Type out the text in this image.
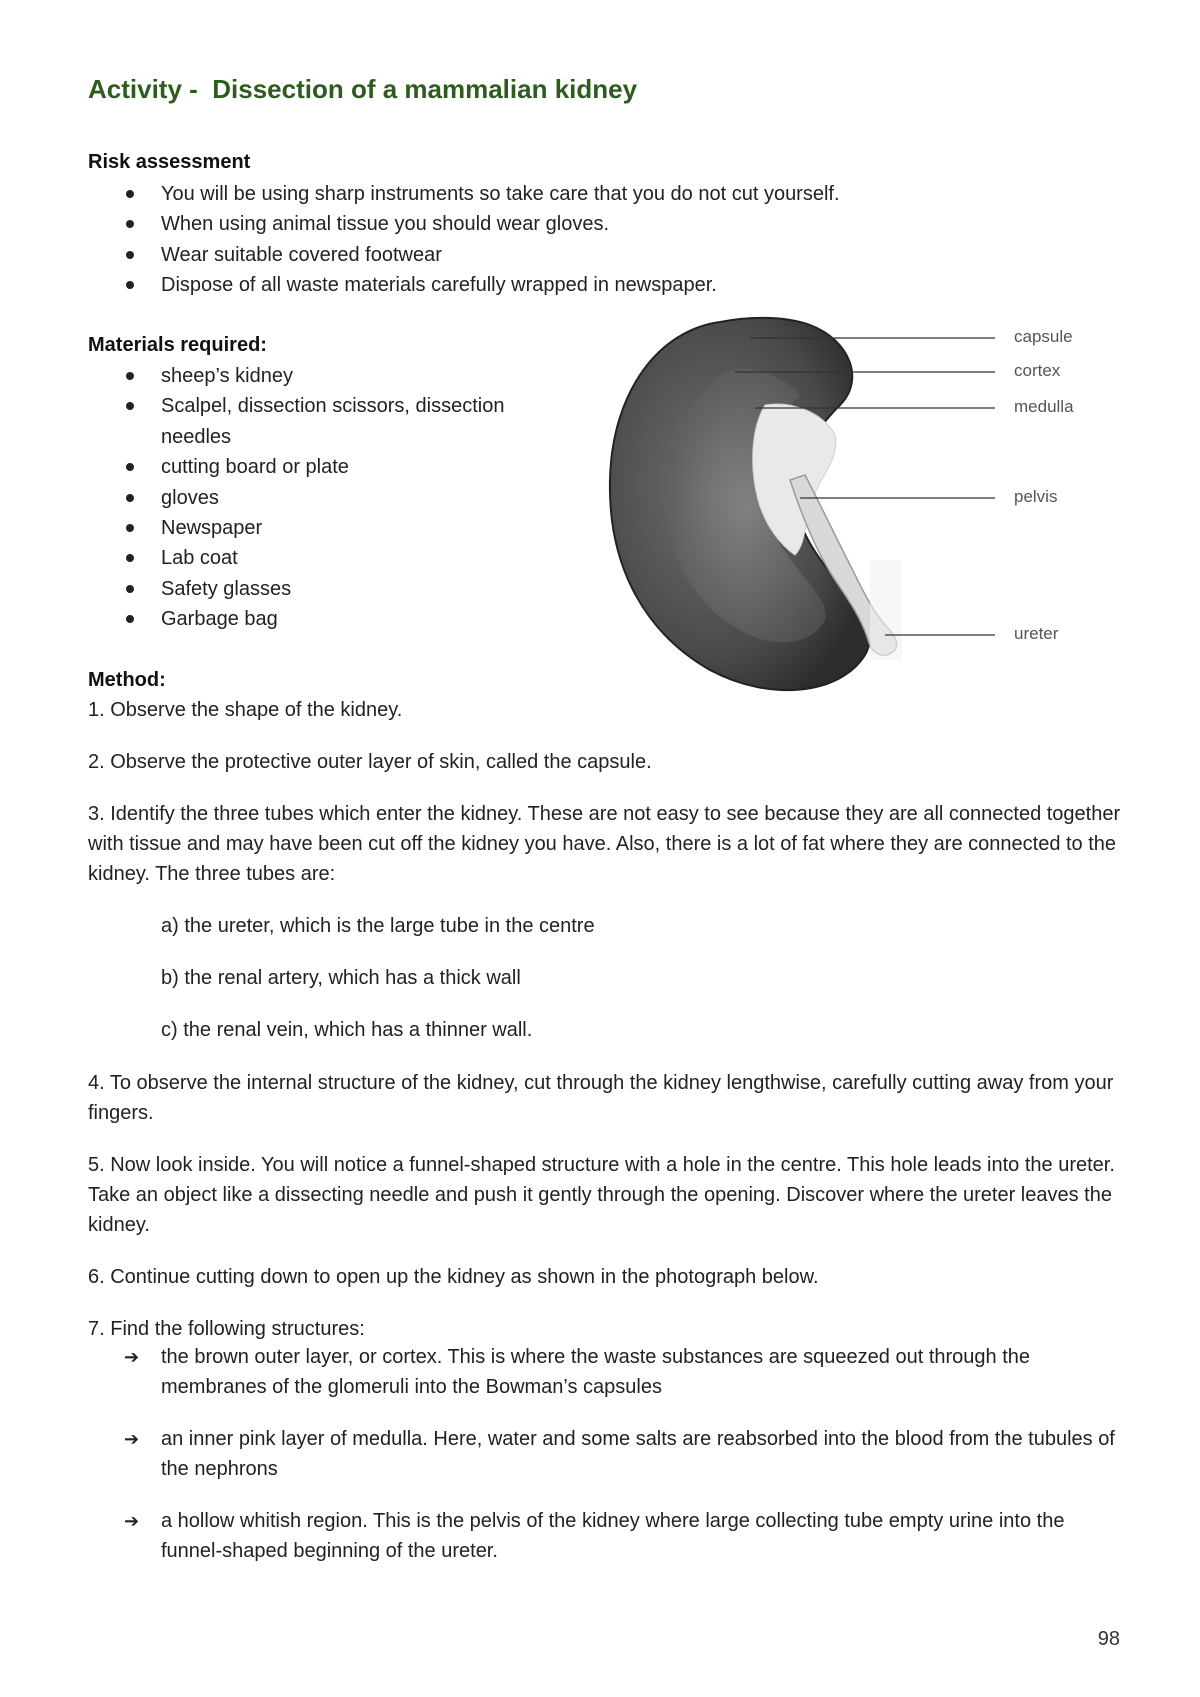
Activity -  Dissection of a mammalian kidney
Risk assessment
You will be using sharp instruments so take care that you do not cut yourself.
When using animal tissue you should wear gloves.
Wear suitable covered footwear
Dispose of all waste materials carefully wrapped in newspaper.
Materials required:
sheep’s kidney
Scalpel, dissection scissors, dissection needles
cutting board or plate
gloves
Newspaper
Lab coat
Safety glasses
Garbage bag
capsule
cortex
medulla
pelvis
ureter
Method:
1. Observe the shape of the kidney.
2. Observe the protective outer layer of skin, called the capsule.
3. Identify the three tubes which enter the kidney. These are not easy to see because they are all connected together with tissue and may have been cut off the kidney you have. Also, there is a lot of fat where they are connected to the kidney. The three tubes are:
a) the ureter, which is the large tube in the centre
b) the renal artery, which has a thick wall
c) the renal vein, which has a thinner wall.
4. To observe the internal structure of the kidney, cut through the kidney lengthwise, carefully cutting away from your fingers.
5. Now look inside. You will notice a funnel-shaped structure with a hole in the centre. This hole leads into the ureter. Take an object like a dissecting needle and push it gently through the opening. Discover where the ureter leaves the kidney.
6. Continue cutting down to open up the kidney as shown in the photograph below.
7. Find the following structures:
➔ the brown outer layer, or cortex. This is where the waste substances are squeezed out through the membranes of the glomeruli into the Bowman’s capsules
➔ an inner pink layer of medulla. Here, water and some salts are reabsorbed into the blood from the tubules of the nephrons
➔ a hollow whitish region. This is the pelvis of the kidney where large collecting tube empty urine into the funnel-shaped beginning of the ureter.
98
